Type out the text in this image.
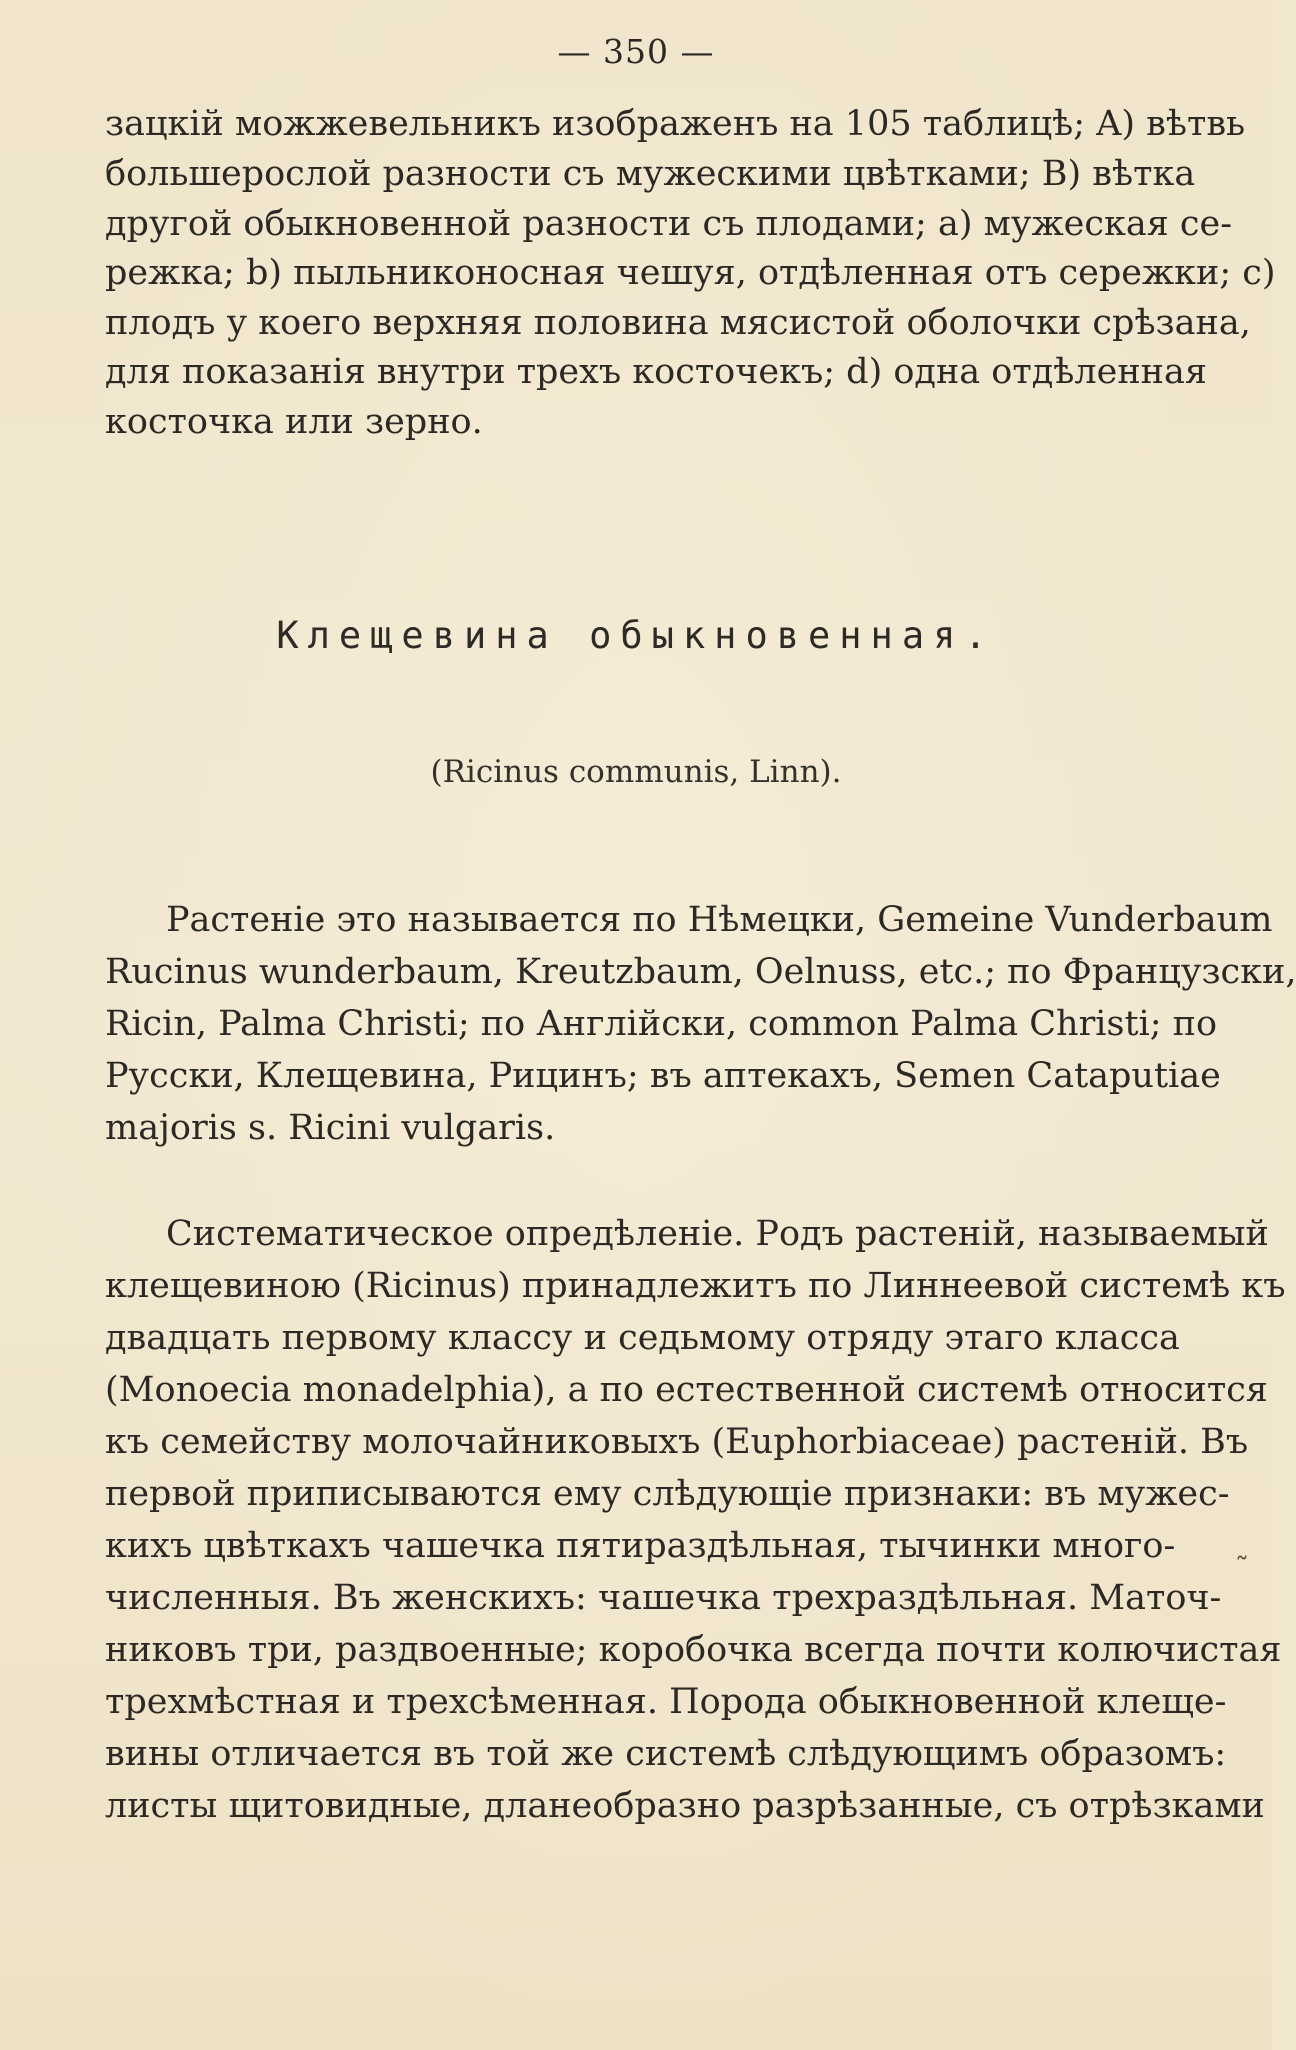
— 350 —
зацкій можжевельникъ изображенъ на 105 таблицѣ; A) вѣтвь
большерослой разности съ мужескими цвѣтками; B) вѣтка
другой обыкновенной разности съ плодами; a) мужеская се-
режка; b) пыльниконосная чешуя, отдѣленная отъ сережки; c)
плодъ у коего верхняя половина мясистой оболочки срѣзана,
для показанія внутри трехъ косточекъ; d) одна отдѣленная
косточка или зерно.
Клещевина обыкновенная.
(Ricinus communis, Linn).
Растеніе это называется по Нѣмецки, Gemeine Vunderbaum
Rucinus wunderbaum, Kreutzbaum, Oelnuss, etc.; по Французски,
Ricin, Palma Christi; по Англійски, common Palma Christi; по
Русски, Клещевина, Рицинъ; въ аптекахъ, Semen Cataputiae
majoris s. Ricini vulgaris.
Систематическое опредѣленіе. Родъ растеній, называемый
клещевиною (Ricinus) принадлежитъ по Линнеевой системѣ къ
двадцать первому классу и седьмому отряду этаго класса
(Monoecia monadelphia), а по естественной системѣ относится
къ семейству молочайниковыхъ (Euphorbiaceae) растеній. Въ
первой приписываются ему слѣдующіе признаки: въ мужес-
кихъ цвѣткахъ чашечка пятираздѣльная, тычинки много-
численныя. Въ женскихъ: чашечка трехраздѣльная. Маточ-
никовъ три, раздвоенные; коробочка всегда почти колючистая
трехмѣстная и трехсѣменная. Порода обыкновенной клеще-
вины отличается въ той же системѣ слѣдующимъ образомъ:
листы щитовидные, дланеобразно разрѣзанные, съ отрѣзками
˷
